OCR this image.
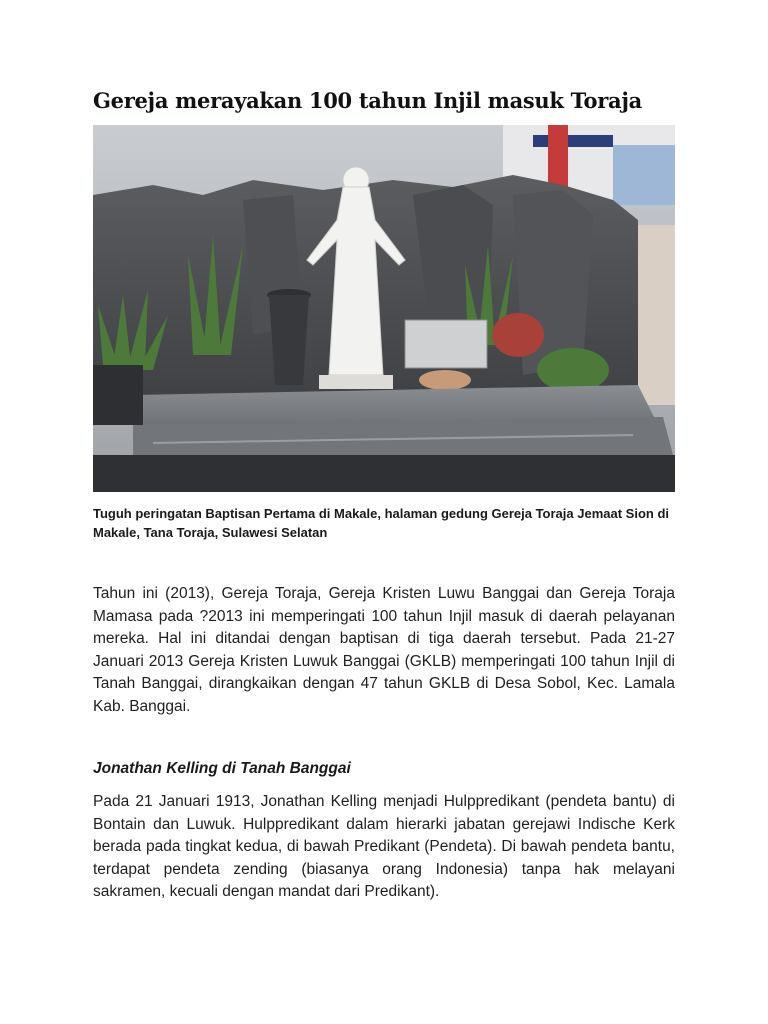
Gereja merayakan 100 tahun Injil masuk Toraja

Tuguh peringatan Baptisan Pertama di Makale, halaman gedung Gereja Toraja Jemaat Sion di Makale, Tana Toraja, Sulawesi Selatan

Tahun ini (2013), Gereja Toraja, Gereja Kristen Luwu Banggai dan Gereja Toraja Mamasa pada ?2013 ini memperingati 100 tahun Injil masuk di daerah pelayanan mereka. Hal ini ditandai dengan baptisan di tiga daerah tersebut. Pada 21-27 Januari 2013 Gereja Kristen Luwuk Banggai (GKLB) memperingati 100 tahun Injil di Tanah Banggai, dirangkaikan dengan 47 tahun GKLB di Desa Sobol, Kec. Lamala Kab. Banggai.

Jonathan Kelling di Tanah Banggai

Pada 21 Januari 1913, Jonathan Kelling menjadi Hulppredikant (pendeta bantu) di Bontain dan Luwuk. Hulppredikant dalam hierarki jabatan gerejawi Indische Kerk berada pada tingkat kedua, di bawah Predikant (Pendeta). Di bawah pendeta bantu, terdapat pendeta zending (biasanya orang Indonesia) tanpa hak melayani sakramen, kecuali dengan mandat dari Predikant).
